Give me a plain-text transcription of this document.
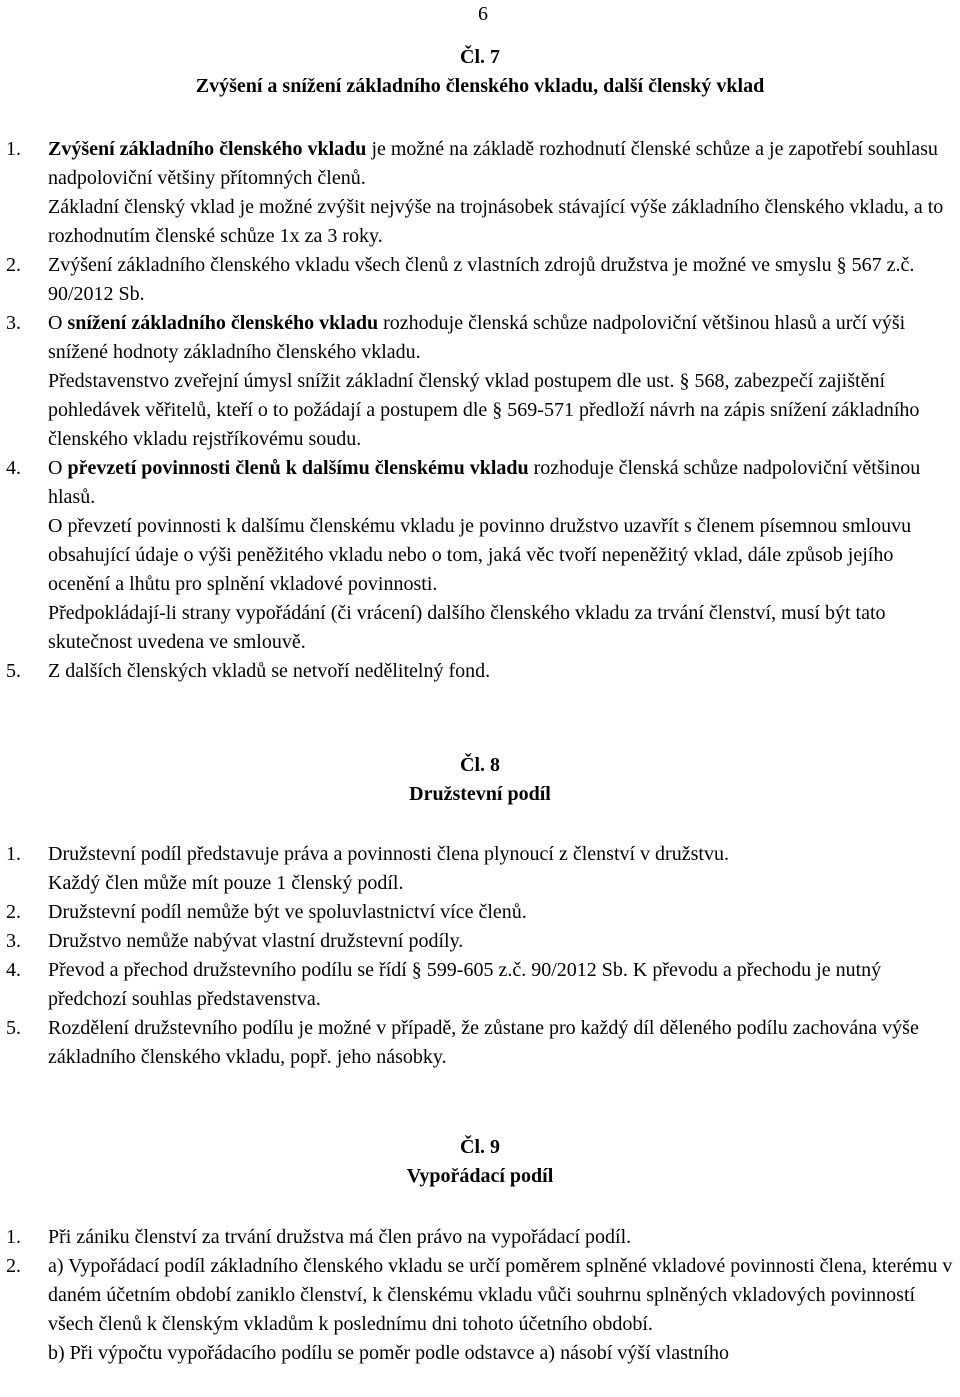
6
Čl. 7
Zvýšení a snížení základního členského vkladu, další členský vklad
1. Zvýšení základního členského vkladu je možné na základě rozhodnutí členské schůze a je zapotřebí souhlasu nadpoloviční většiny přítomných členů.

Základní členský vklad je možné zvýšit nejvýše na trojnásobek stávající výše základního členského vkladu, a to rozhodnutím členské schůze 1x za 3 roky.

2. Zvýšení základního členského vkladu všech členů z vlastních zdrojů družstva je možné ve smyslu § 567 z.č. 90/2012 Sb.

3. O snížení základního členského vkladu rozhoduje členská schůze nadpoloviční většinou hlasů a určí výši snížené hodnoty základního členského vkladu.

Představenstvo zveřejní úmysl snížit základní členský vklad postupem dle ust. § 568, zabezpečí zajištění pohledávek věřitelů, kteří o to požádají a postupem dle § 569-571 předloží návrh na zápis snížení základního členského vkladu rejstříkovému soudu.

4. O převzetí povinnosti členů k dalšímu členskému vkladu rozhoduje členská schůze nadpoloviční většinou hlasů.

O převzetí povinnosti k dalšímu členskému vkladu je povinno družstvo uzavřít s členem písemnou smlouvu obsahující údaje o výši peněžitého vkladu nebo o tom, jaká věc tvoří nepeněžitý vklad, dále způsob jejího ocenění a lhůtu pro splnění vkladové povinnosti.

Předpokládají-li strany vypořádání (či vrácení) dalšího členského vkladu za trvání členství, musí být tato skutečnost uvedena ve smlouvě.

5. Z dalších členských vkladů se netvoří nedělitelný fond.

Čl. 8
Družstevní podíl
1. Družstevní podíl představuje práva a povinnosti člena plynoucí z členství v družstvu.

Každý člen může mít pouze 1 členský podíl.

2. Družstevní podíl nemůže být ve spoluvlastnictví více členů.

3. Družstvo nemůže nabývat vlastní družstevní podíly.

4. Převod a přechod družstevního podílu se řídí § 599-605 z.č. 90/2012 Sb. K převodu a přechodu je nutný předchozí souhlas představenstva.

5. Rozdělení družstevního podílu je možné v případě, že zůstane pro každý díl děleného podílu zachována výše základního členského vkladu, popř. jeho násobky.

Čl. 9
Vypořádací podíl
1. Při zániku členství za trvání družstva má člen právo na vypořádací podíl.

2. a) Vypořádací podíl základního členského vkladu se určí poměrem splněné vkladové povinnosti člena, kterému v daném účetním období zaniklo členství, k členskému vkladu vůči souhrnu splněných vkladových povinností všech členů k členským vkladům k poslednímu dni tohoto účetního období.

b) Při výpočtu vypořádacího podílu se poměr podle odstavce a) násobí výší vlastního
